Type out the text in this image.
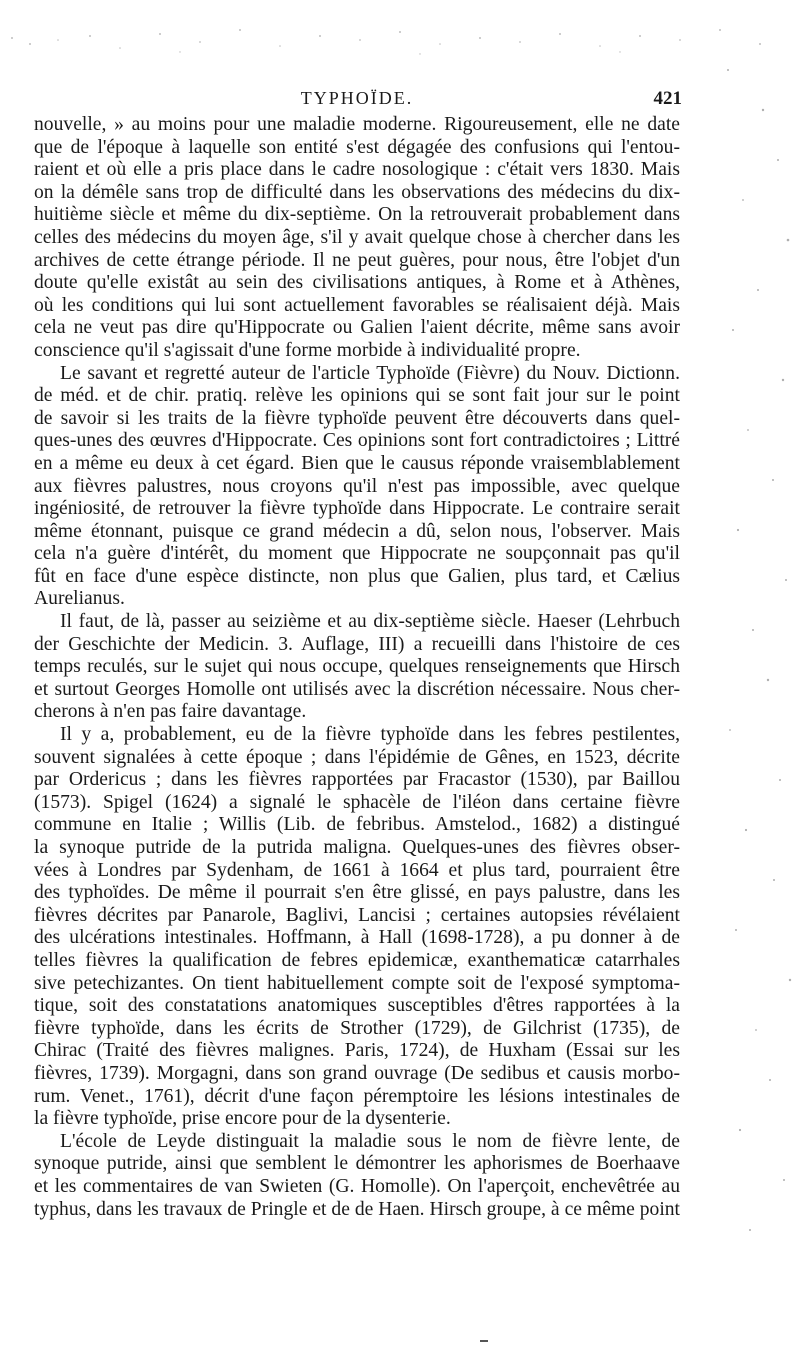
TYPHOÏDE.	421

nouvelle, » au moins pour une maladie moderne. Rigoureusement, elle ne date
que de l'époque à laquelle son entité s'est dégagée des confusions qui l'entou-
raient et où elle a pris place dans le cadre nosologique : c'était vers 1830. Mais
on la démêle sans trop de difficulté dans les observations des médecins du dix-
huitième siècle et même du dix-septième. On la retrouverait probablement dans
celles des médecins du moyen âge, s'il y avait quelque chose à chercher dans les
archives de cette étrange période. Il ne peut guères, pour nous, être l'objet d'un
doute qu'elle existât au sein des civilisations antiques, à Rome et à Athènes,
où les conditions qui lui sont actuellement favorables se réalisaient déjà. Mais
cela ne veut pas dire qu'Hippocrate ou Galien l'aient décrite, même sans avoir
conscience qu'il s'agissait d'une forme morbide à individualité propre.

Le savant et regretté auteur de l'article Typhoïde (Fièvre) du Nouv. Dictionn.
de méd. et de chir. pratiq. relève les opinions qui se sont fait jour sur le point
de savoir si les traits de la fièvre typhoïde peuvent être découverts dans quel-
ques-unes des œuvres d'Hippocrate. Ces opinions sont fort contradictoires ; Littré
en a même eu deux à cet égard. Bien que le causus réponde vraisemblablement
aux fièvres palustres, nous croyons qu'il n'est pas impossible, avec quelque
ingéniosité, de retrouver la fièvre typhoïde dans Hippocrate. Le contraire serait
même étonnant, puisque ce grand médecin a dû, selon nous, l'observer. Mais
cela n'a guère d'intérêt, du moment que Hippocrate ne soupçonnait pas qu'il
fût en face d'une espèce distincte, non plus que Galien, plus tard, et Cælius
Aurelianus.

Il faut, de là, passer au seizième et au dix-septième siècle. Haeser (Lehrbuch
der Geschichte der Medicin. 3. Auflage, III) a recueilli dans l'histoire de ces
temps reculés, sur le sujet qui nous occupe, quelques renseignements que Hirsch
et surtout Georges Homolle ont utilisés avec la discrétion nécessaire. Nous cher-
cherons à n'en pas faire davantage.

Il y a, probablement, eu de la fièvre typhoïde dans les febres pestilentes,
souvent signalées à cette époque ; dans l'épidémie de Gênes, en 1523, décrite
par Ordericus ; dans les fièvres rapportées par Fracastor (1530), par Baillou
(1573). Spigel (1624) a signalé le sphacèle de l'iléon dans certaine fièvre
commune en Italie ; Willis (Lib. de febribus. Amstelod., 1682) a distingué
la synoque putride de la putrida maligna. Quelques-unes des fièvres obser-
vées à Londres par Sydenham, de 1661 à 1664 et plus tard, pourraient être
des typhoïdes. De même il pourrait s'en être glissé, en pays palustre, dans les
fièvres décrites par Panarole, Baglivi, Lancisi ; certaines autopsies révélaient
des ulcérations intestinales. Hoffmann, à Hall (1698-1728), a pu donner à de
telles fièvres la qualification de febres epidemicæ, exanthematicæ catarrhales
sive petechizantes. On tient habituellement compte soit de l'exposé symptoma-
tique, soit des constatations anatomiques susceptibles d'êtres rapportées à la
fièvre typhoïde, dans les écrits de Strother (1729), de Gilchrist (1735), de
Chirac (Traité des fièvres malignes. Paris, 1724), de Huxham (Essai sur les
fièvres, 1739). Morgagni, dans son grand ouvrage (De sedibus et causis morbo-
rum. Venet., 1761), décrit d'une façon péremptoire les lésions intestinales de
la fièvre typhoïde, prise encore pour de la dysenterie.

L'école de Leyde distinguait la maladie sous le nom de fièvre lente, de
synoque putride, ainsi que semblent le démontrer les aphorismes de Boerhaave
et les commentaires de van Swieten (G. Homolle). On l'aperçoit, enchevêtrée au
typhus, dans les travaux de Pringle et de de Haen. Hirsch groupe, à ce même point
